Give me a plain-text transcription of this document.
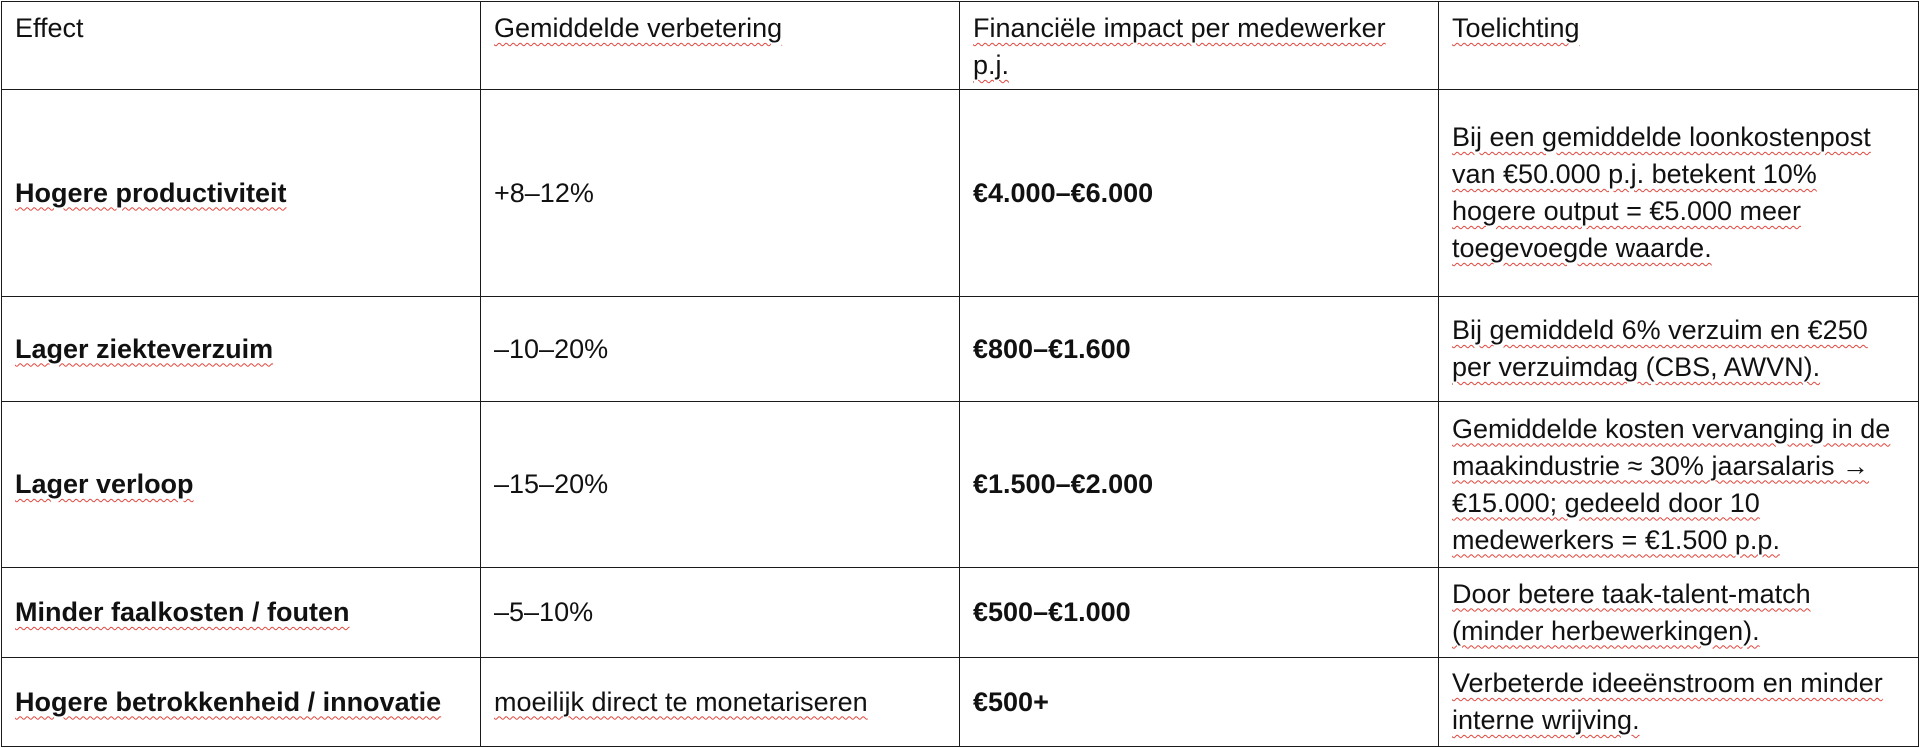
Effect	Gemiddelde verbetering	Financiële impact per medewerker p.j.	Toelichting
Hogere productiviteit	+8–12%	€4.000–€6.000	Bij een gemiddelde loonkostenpost van €50.000 p.j. betekent 10% hogere output = €5.000 meer toegevoegde waarde.
Lager ziekteverzuim	–10–20%	€800–€1.600	Bij gemiddeld 6% verzuim en €250 per verzuimdag (CBS, AWVN).
Lager verloop	–15–20%	€1.500–€2.000	Gemiddelde kosten vervanging in de maakindustrie ≈ 30% jaarsalaris → €15.000; gedeeld door 10 medewerkers = €1.500 p.p.
Minder faalkosten / fouten	–5–10%	€500–€1.000	Door betere taak-talent-match (minder herbewerkingen).
Hogere betrokkenheid / innovatie	moeilijk direct te monetariseren	€500+	Verbeterde ideeënstroom en minder interne wrijving.
